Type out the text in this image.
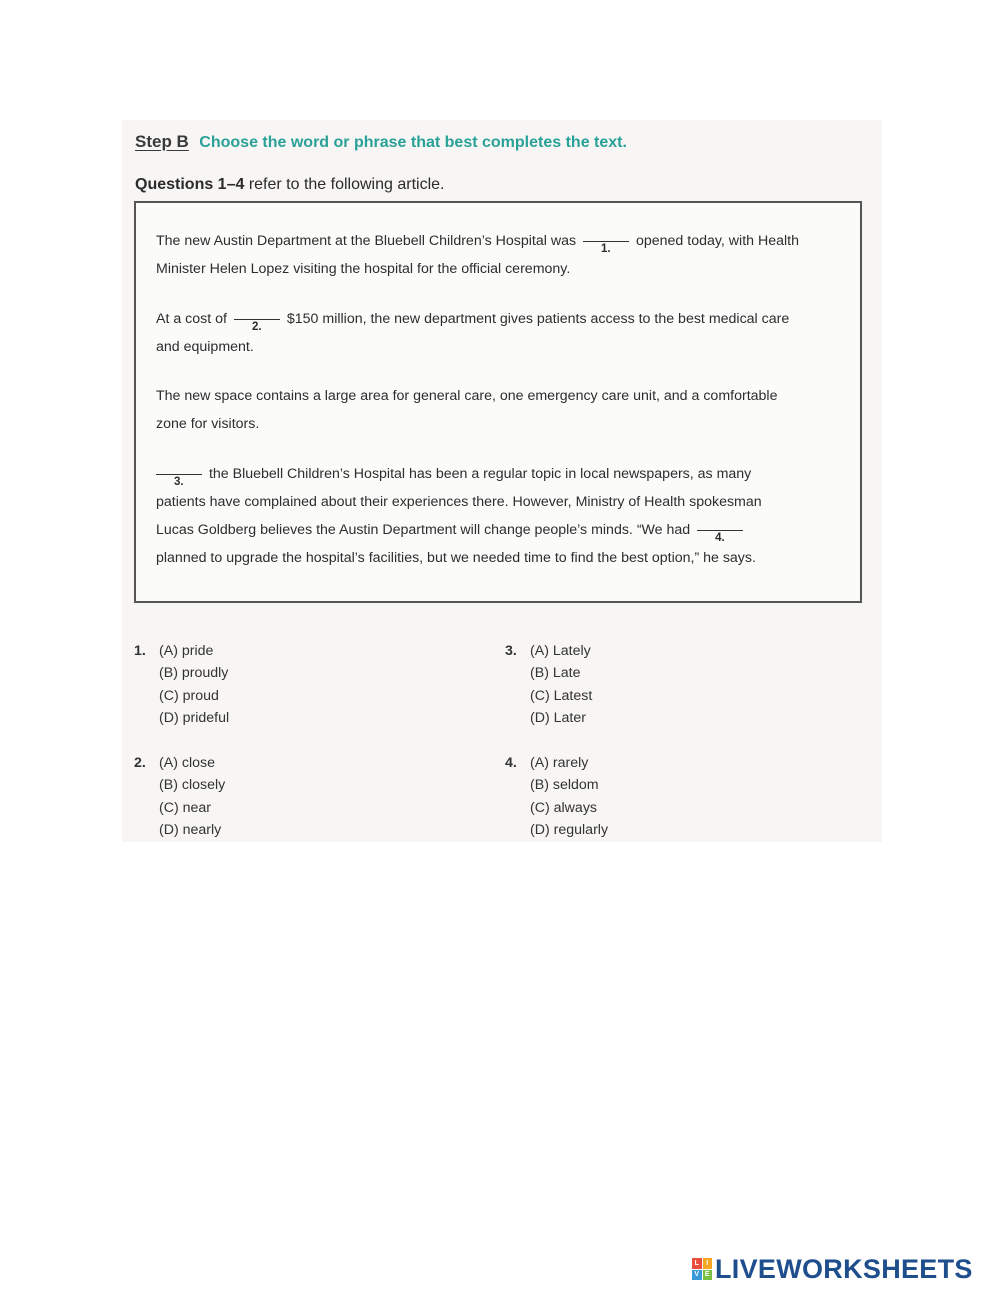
Step B Choose the word or phrase that best completes the text.
Questions 1–4 refer to the following article.
The new Austin Department at the Bluebell Children’s Hospital was
1.
opened today, with Health
Minister Helen Lopez visiting the hospital for the official ceremony.
At a cost of
2.
$150 million, the new department gives patients access to the best medical care
and equipment.
The new space contains a large area for general care, one emergency care unit, and a comfortable
zone for visitors.
3.
the Bluebell Children’s Hospital has been a regular topic in local newspapers, as many
patients have complained about their experiences there. However, Ministry of Health spokesman
Lucas Goldberg believes the Austin Department will change people’s minds. “We had
4.
planned to upgrade the hospital’s facilities, but we needed time to find the best option,” he says.
1. (A) pride
(B) proudly
(C) proud
(D) prideful
2. (A) close
(B) closely
(C) near
(D) nearly
3. (A) Lately
(B) Late
(C) Latest
(D) Later
4. (A) rarely
(B) seldom
(C) always
(D) regularly
L	I
V E LIVEWORKSHEETS
